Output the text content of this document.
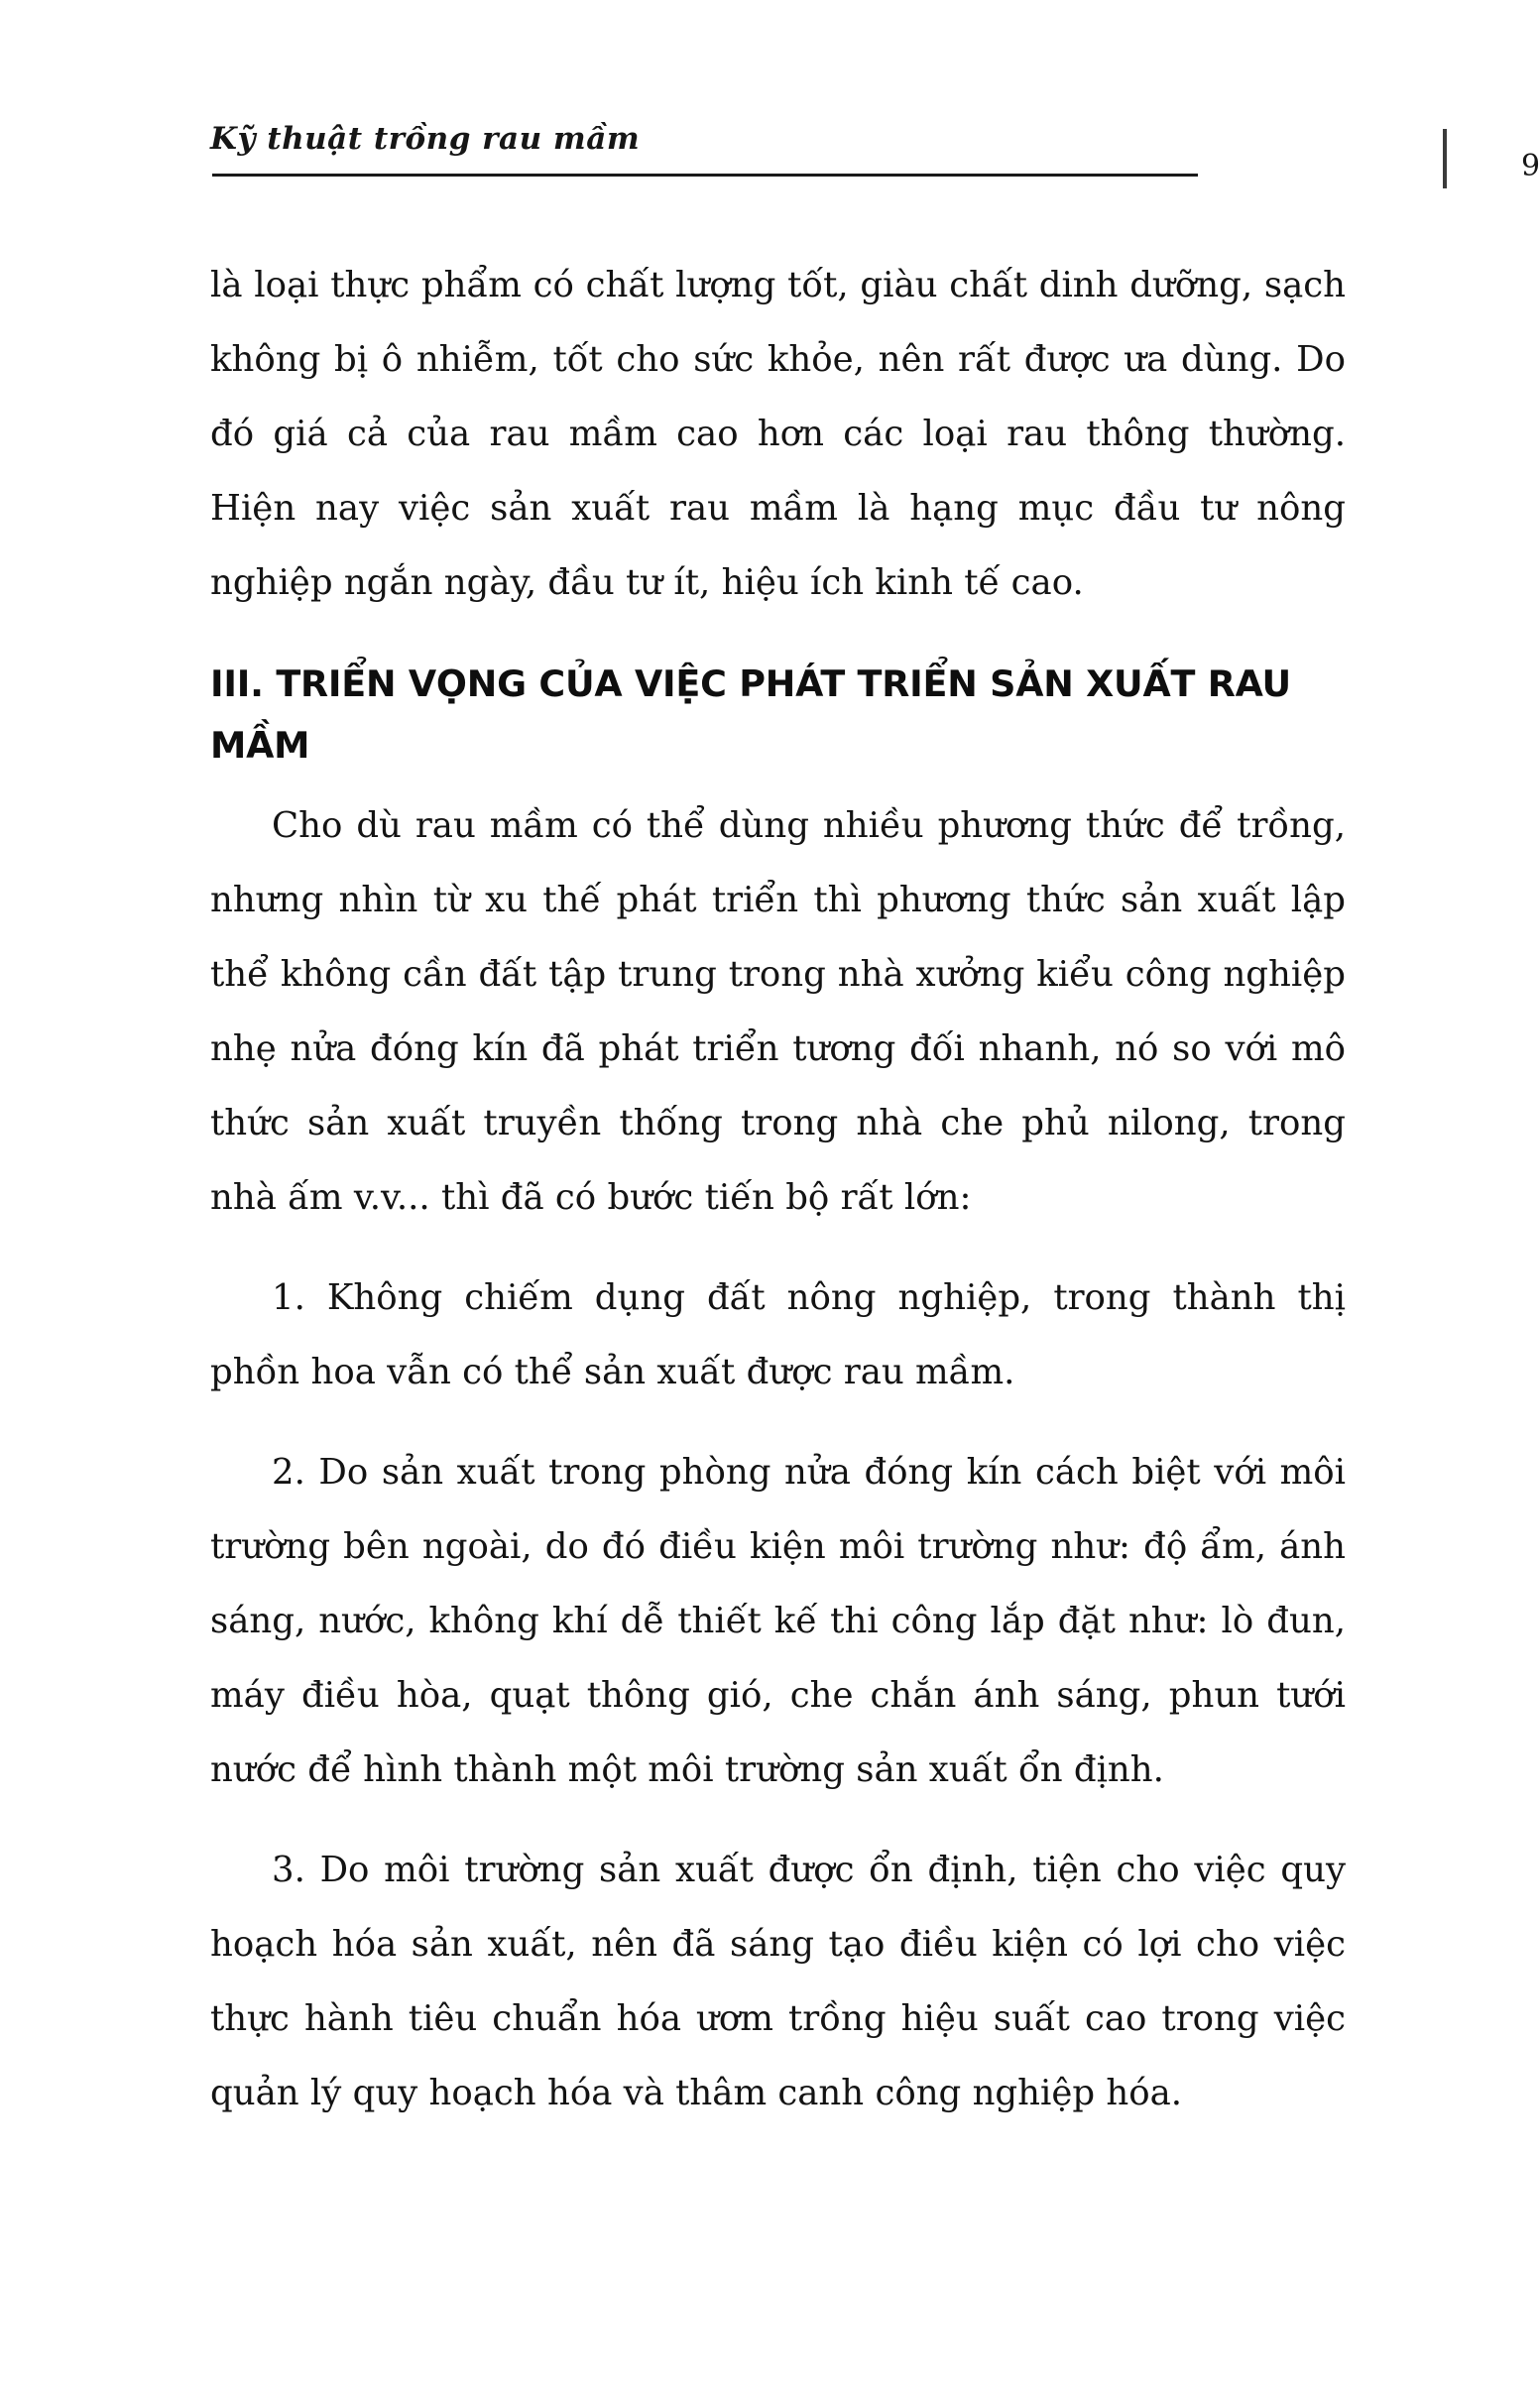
Kỹ thuật trồng rau mầm
9

là loại thực phẩm có chất lượng tốt, giàu chất dinh dưỡng, sạch không bị ô nhiễm, tốt cho sức khỏe, nên rất được ưa dùng. Do đó giá cả của rau mầm cao hơn các loại rau thông thường. Hiện nay việc sản xuất rau mầm là hạng mục đầu tư nông nghiệp ngắn ngày, đầu tư ít, hiệu ích kinh tế cao.

III. TRIỂN VỌNG CỦA VIỆC PHÁT TRIỂN SẢN XUẤT RAU MẦM

Cho dù rau mầm có thể dùng nhiều phương thức để trồng, nhưng nhìn từ xu thế phát triển thì phương thức sản xuất lập thể không cần đất tập trung trong nhà xưởng kiểu công nghiệp nhẹ nửa đóng kín đã phát triển tương đối nhanh, nó so với mô thức sản xuất truyền thống trong nhà che phủ nilong, trong nhà ấm v.v... thì đã có bước tiến bộ rất lớn:

1. Không chiếm dụng đất nông nghiệp, trong thành thị phồn hoa vẫn có thể sản xuất được rau mầm.

2. Do sản xuất trong phòng nửa đóng kín cách biệt với môi trường bên ngoài, do đó điều kiện môi trường như: độ ẩm, ánh sáng, nước, không khí dễ thiết kế thi công lắp đặt như: lò đun, máy điều hòa, quạt thông gió, che chắn ánh sáng, phun tưới nước để hình thành một môi trường sản xuất ổn định.

3. Do môi trường sản xuất được ổn định, tiện cho việc quy hoạch hóa sản xuất, nên đã sáng tạo điều kiện có lợi cho việc thực hành tiêu chuẩn hóa ươm trồng hiệu suất cao trong việc quản lý quy hoạch hóa và thâm canh công nghiệp hóa.
